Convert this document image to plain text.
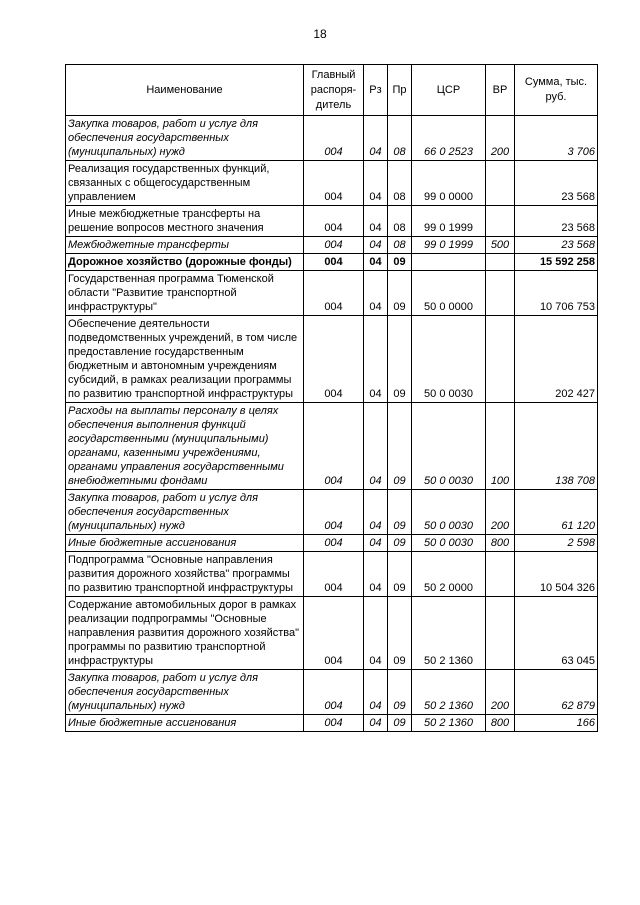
18
Наименование	Главный распоря-дитель	Рз	Пр	ЦСР	ВР	Сумма, тыс. руб.
Закупка товаров, работ и услуг для обеспечения государственных (муниципальных) нужд	004	04	08	66 0 2523	200	3 706
Реализация государственных функций, связанных с общегосударственным управлением	004	04	08	99 0 0000		23 568
Иные межбюджетные трансферты на решение вопросов местного значения	004	04	08	99 0 1999		23 568
Межбюджетные трансферты	004	04	08	99 0 1999	500	23 568
Дорожное хозяйство (дорожные фонды)	004	04	09			15 592 258
Государственная программа Тюменской области "Развитие транспортной инфраструктуры"	004	04	09	50 0 0000		10 706 753
Обеспечение деятельности подведомственных учреждений, в том числе предоставление государственным бюджетным и автономным учреждениям субсидий, в рамках реализации программы по развитию транспортной инфраструктуры	004	04	09	50 0 0030		202 427
Расходы на выплаты персоналу в целях обеспечения выполнения функций государственными (муниципальными) органами, казенными учреждениями, органами управления государственными внебюджетными фондами	004	04	09	50 0 0030	100	138 708
Закупка товаров, работ и услуг для обеспечения государственных (муниципальных) нужд	004	04	09	50 0 0030	200	61 120
Иные бюджетные ассигнования	004	04	09	50 0 0030	800	2 598
Подпрограмма "Основные направления развития дорожного хозяйства" программы по развитию транспортной инфраструктуры	004	04	09	50 2 0000		10 504 326
Содержание автомобильных дорог в рамках реализации подпрограммы "Основные направления развития дорожного хозяйства" программы по развитию транспортной инфраструктуры	004	04	09	50 2 1360		63 045
Закупка товаров, работ и услуг для обеспечения государственных (муниципальных) нужд	004	04	09	50 2 1360	200	62 879
Иные бюджетные ассигнования	004	04	09	50 2 1360	800	166
